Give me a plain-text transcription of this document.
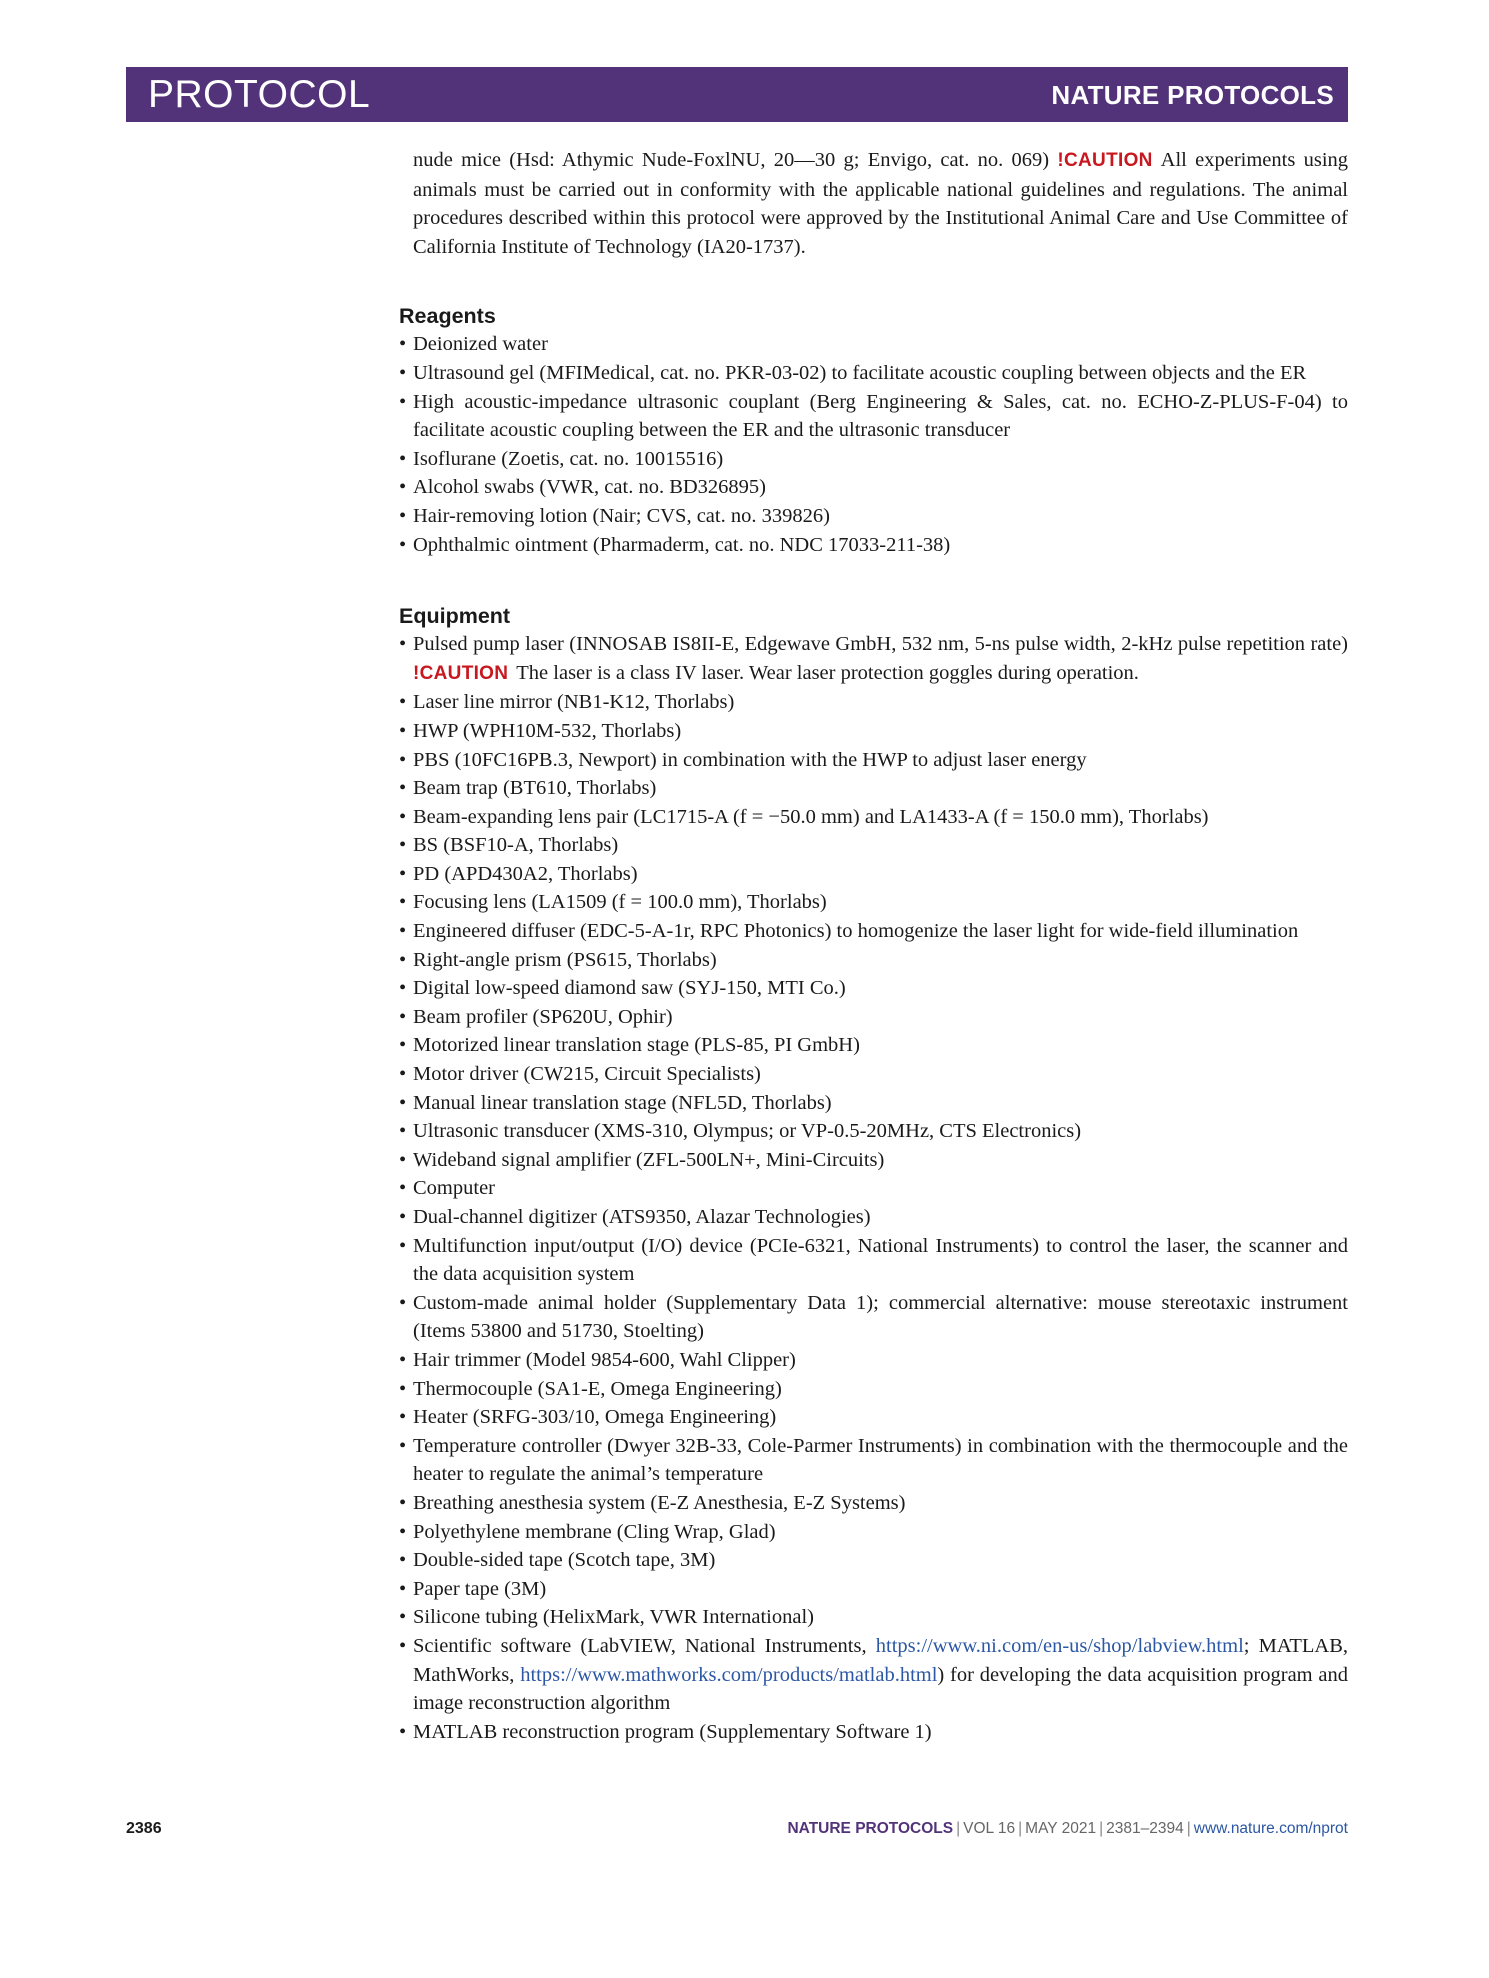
PROTOCOL	NATURE PROTOCOLS

nude mice (Hsd: Athymic Nude-FoxlNU, 20—30 g; Envigo, cat. no. 069) !CAUTION All experiments using animals must be carried out in conformity with the applicable national guidelines and regulations. The animal procedures described within this protocol were approved by the Institutional Animal Care and Use Committee of California Institute of Technology (IA20-1737).

Reagents
• Deionized water
• Ultrasound gel (MFIMedical, cat. no. PKR-03-02) to facilitate acoustic coupling between objects and the ER
• High acoustic-impedance ultrasonic couplant (Berg Engineering & Sales, cat. no. ECHO-Z-PLUS-F-04) to facilitate acoustic coupling between the ER and the ultrasonic transducer
• Isoflurane (Zoetis, cat. no. 10015516)
• Alcohol swabs (VWR, cat. no. BD326895)
• Hair-removing lotion (Nair; CVS, cat. no. 339826)
• Ophthalmic ointment (Pharmaderm, cat. no. NDC 17033-211-38)
Equipment
• Pulsed pump laser (INNOSAB IS8II-E, Edgewave GmbH, 532 nm, 5-ns pulse width, 2-kHz pulse repetition rate) !CAUTION The laser is a class IV laser. Wear laser protection goggles during operation.
• Laser line mirror (NB1-K12, Thorlabs)
• HWP (WPH10M-532, Thorlabs)
• PBS (10FC16PB.3, Newport) in combination with the HWP to adjust laser energy
• Beam trap (BT610, Thorlabs)
• Beam-expanding lens pair (LC1715-A (f = −50.0 mm) and LA1433-A (f = 150.0 mm), Thorlabs)
• BS (BSF10-A, Thorlabs)
• PD (APD430A2, Thorlabs)
• Focusing lens (LA1509 (f = 100.0 mm), Thorlabs)
• Engineered diffuser (EDC-5-A-1r, RPC Photonics) to homogenize the laser light for wide-field illumination
• Right-angle prism (PS615, Thorlabs)
• Digital low-speed diamond saw (SYJ-150, MTI Co.)
• Beam profiler (SP620U, Ophir)
• Motorized linear translation stage (PLS-85, PI GmbH)
• Motor driver (CW215, Circuit Specialists)
• Manual linear translation stage (NFL5D, Thorlabs)
• Ultrasonic transducer (XMS-310, Olympus; or VP-0.5-20MHz, CTS Electronics)
• Wideband signal amplifier (ZFL-500LN+, Mini-Circuits)
• Computer
• Dual-channel digitizer (ATS9350, Alazar Technologies)
• Multifunction input/output (I/O) device (PCIe-6321, National Instruments) to control the laser, the scanner and the data acquisition system
• Custom-made animal holder (Supplementary Data 1); commercial alternative: mouse stereotaxic instrument (Items 53800 and 51730, Stoelting)
• Hair trimmer (Model 9854-600, Wahl Clipper)
• Thermocouple (SA1-E, Omega Engineering)
• Heater (SRFG-303/10, Omega Engineering)
• Temperature controller (Dwyer 32B-33, Cole-Parmer Instruments) in combination with the thermocouple and the heater to regulate the animal’s temperature
• Breathing anesthesia system (E-Z Anesthesia, E-Z Systems)
• Polyethylene membrane (Cling Wrap, Glad)
• Double-sided tape (Scotch tape, 3M)
• Paper tape (3M)
• Silicone tubing (HelixMark, VWR International)
• Scientific software (LabVIEW, National Instruments, https://www.ni.com/en-us/shop/labview.html; MATLAB, MathWorks, https://www.mathworks.com/products/matlab.html) for developing the data acquisition program and image reconstruction algorithm
• MATLAB reconstruction program (Supplementary Software 1)
2386	NATURE PROTOCOLS | VOL 16 | MAY 2021 | 2381–2394 | www.nature.com/nprot
